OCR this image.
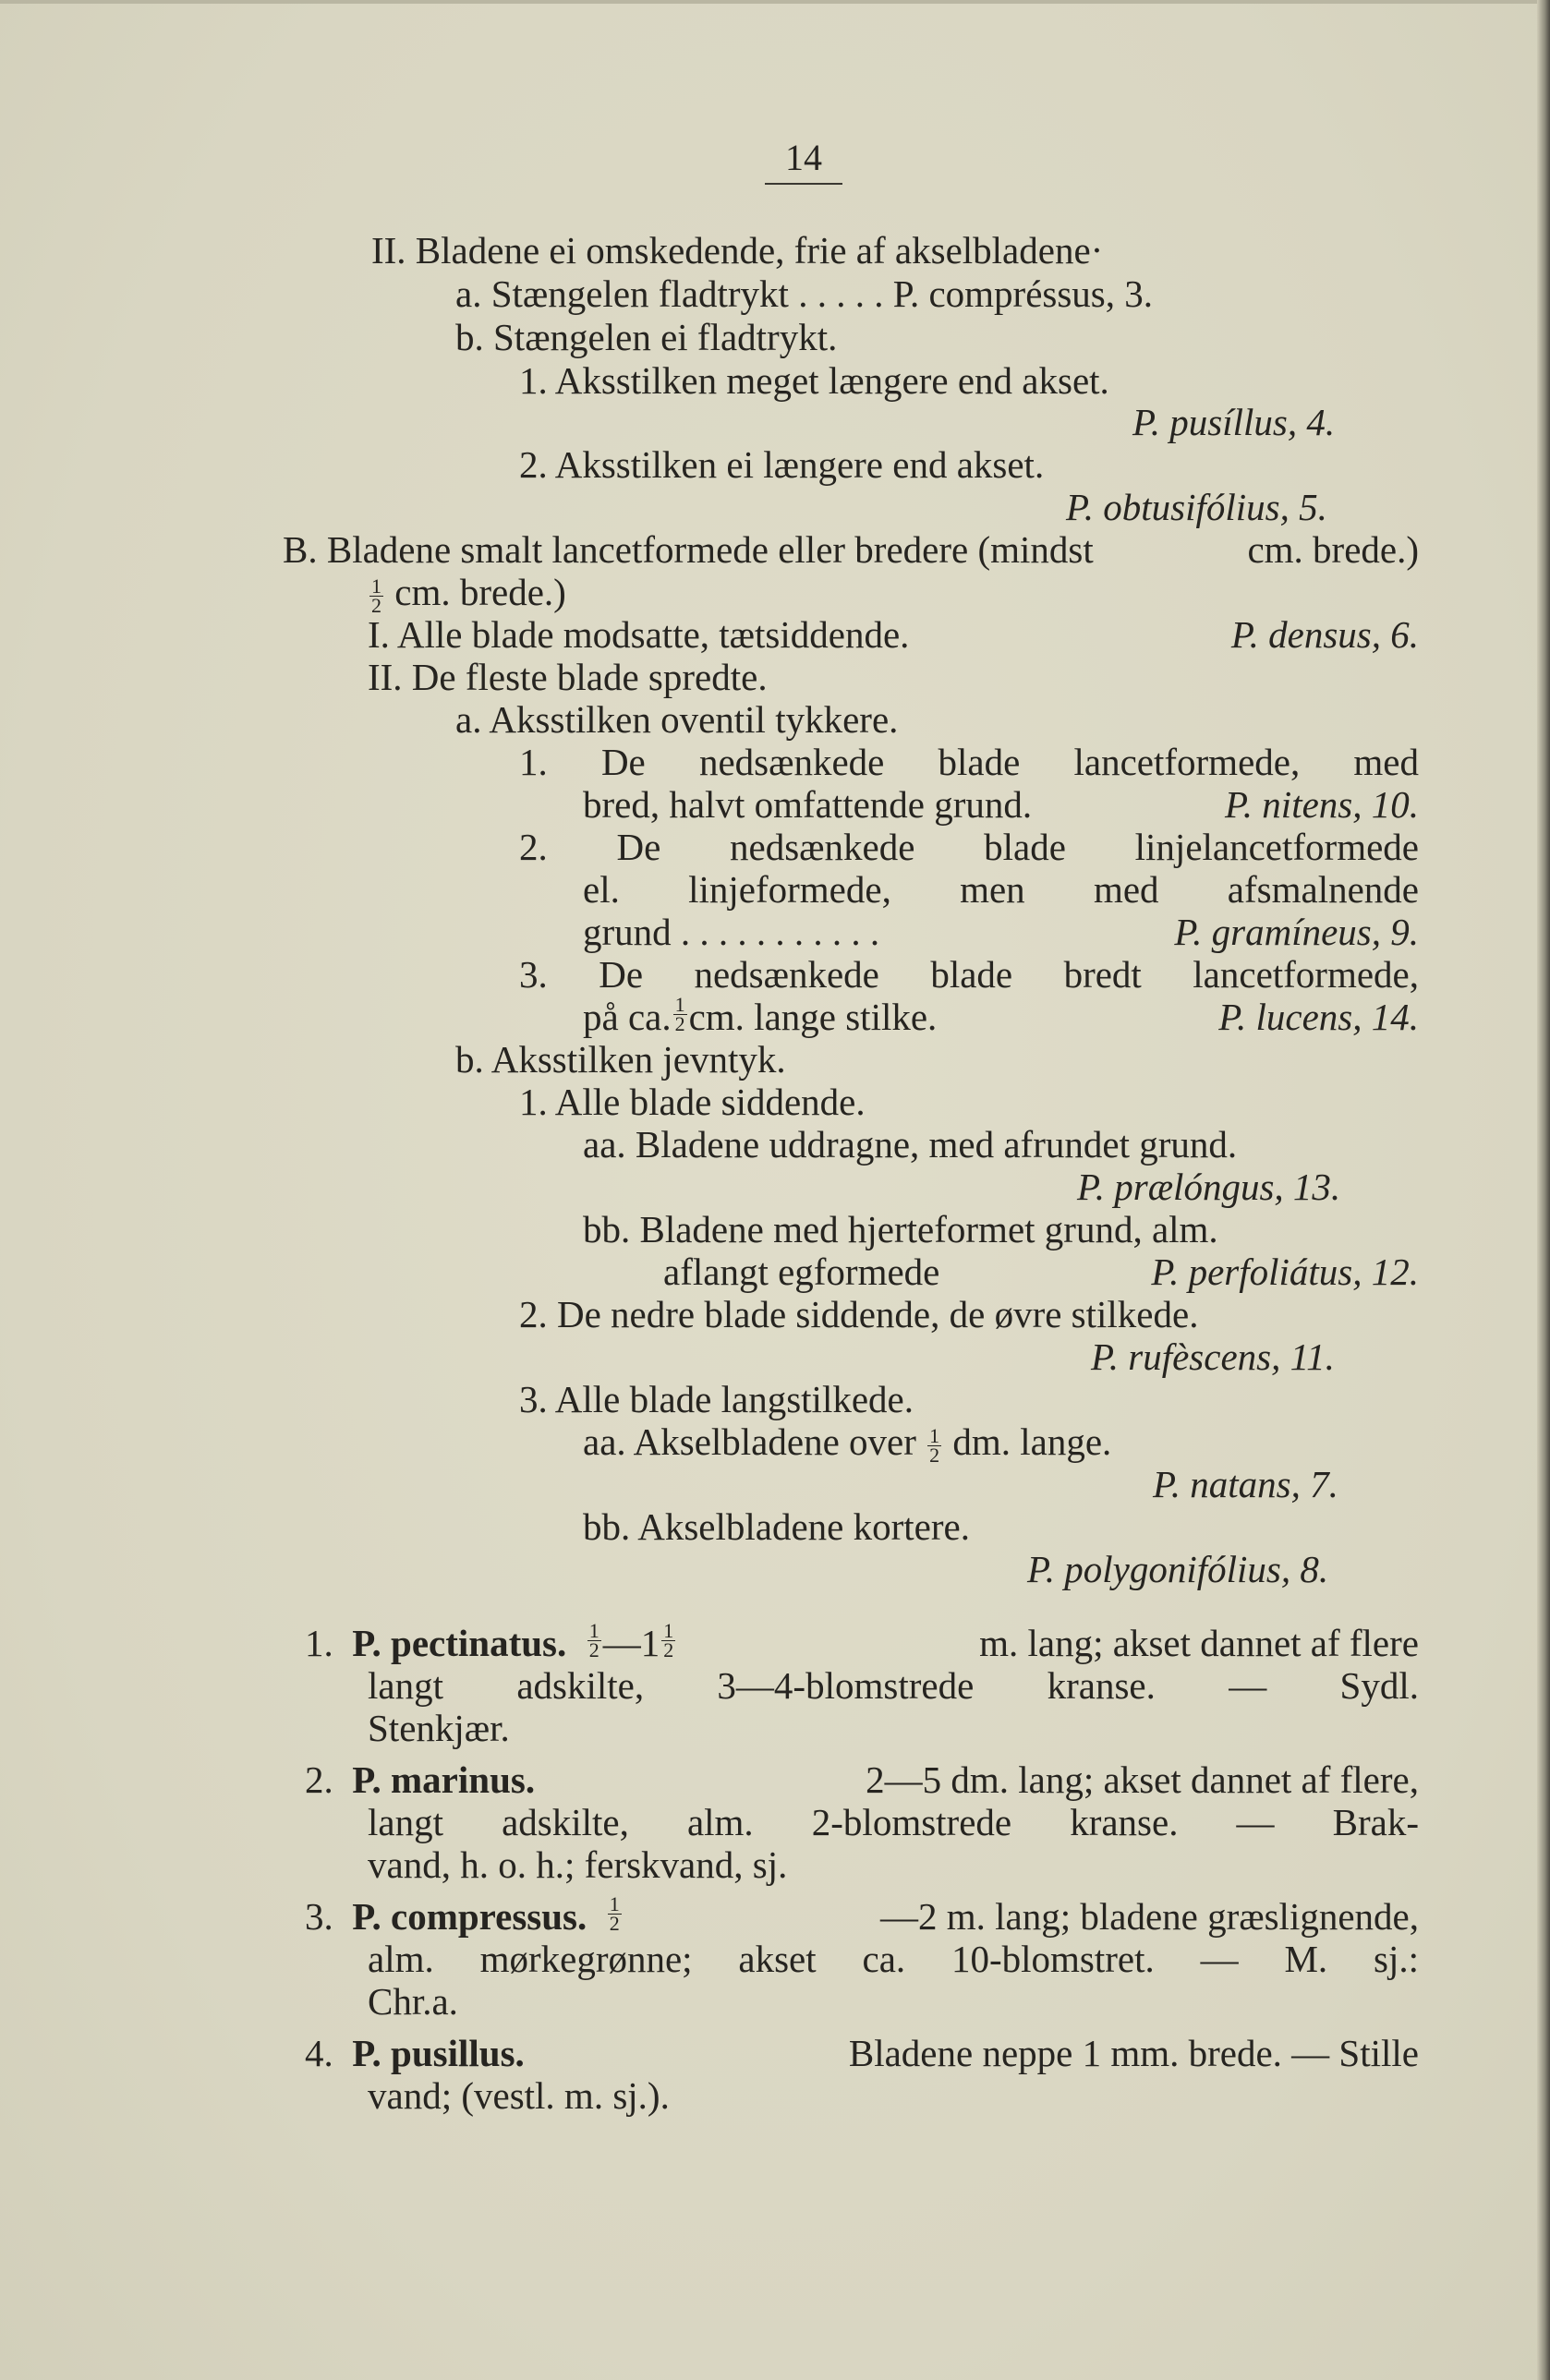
14
II. Bladene ei omskedende, frie af akselbladene·
a. Stængelen fladtrykt . . . . . P. compréssus, 3.
b. Stængelen ei fladtrykt.
1. Aksstilken meget længere end akset.
P. pusíllus, 4.
2. Aksstilken ei længere end akset.
P. obtusifólius, 5.
B. Bladene smalt lancetformede eller bredere (mindst	cm. brede.)
$\frac{1}{2}$ cm. brede.)
I. Alle blade modsatte, tætsiddende.	P. densus, 6.
II. De fleste blade spredte.
a. Aksstilken oventil tykkere.
1. De nedsænkede blade lancetformede, med
bred, halvt omfattende grund.	P. nitens, 10.
2. De nedsænkede blade linjelancetformede
el. linjeformede, men med afsmalnende
grund . . . . . . . . . . .	P. gramíneus, 9.
3. De nedsænkede blade bredt lancetformede,
på ca. $\frac{1}{2}$ cm. lange stilke.	P. lucens, 14.
b. Aksstilken jevntyk.
1. Alle blade siddende.
aa. Bladene uddragne, med afrundet grund.
P. prælóngus, 13.
bb. Bladene med hjerteformet grund, alm.
aflangt egformede	P. perfoliátus, 12.
2. De nedre blade siddende, de øvre stilkede.
P. rufèscens, 11.
3. Alle blade langstilkede.
aa. Akselbladene over $\frac{1}{2}$ dm. lange.
P. natans, 7.
bb. Akselbladene kortere.
P. polygonifólius, 8.
1.
P. pectinatus.
$\frac{1}{2}$ —1 $\frac{1}{2}$	m. lang; akset dannet af flere
langt adskilte, 3—4-blomstrede kranse. — Sydl.
Stenkjær.
2.
P. marinus.	2—5 dm. lang; akset dannet af flere,
langt adskilte, alm. 2-blomstrede kranse. — Brak-
vand, h. o. h.; ferskvand, sj.
3.
P. compressus.
$\frac{1}{2}$	—2 m. lang; bladene græslignende,
alm. mørkegrønne; akset ca. 10-blomstret. — M. sj.:
Chr.a.
4.
P. pusillus.	Bladene neppe 1 mm. brede. — Stille
vand; (vestl. m. sj.).
